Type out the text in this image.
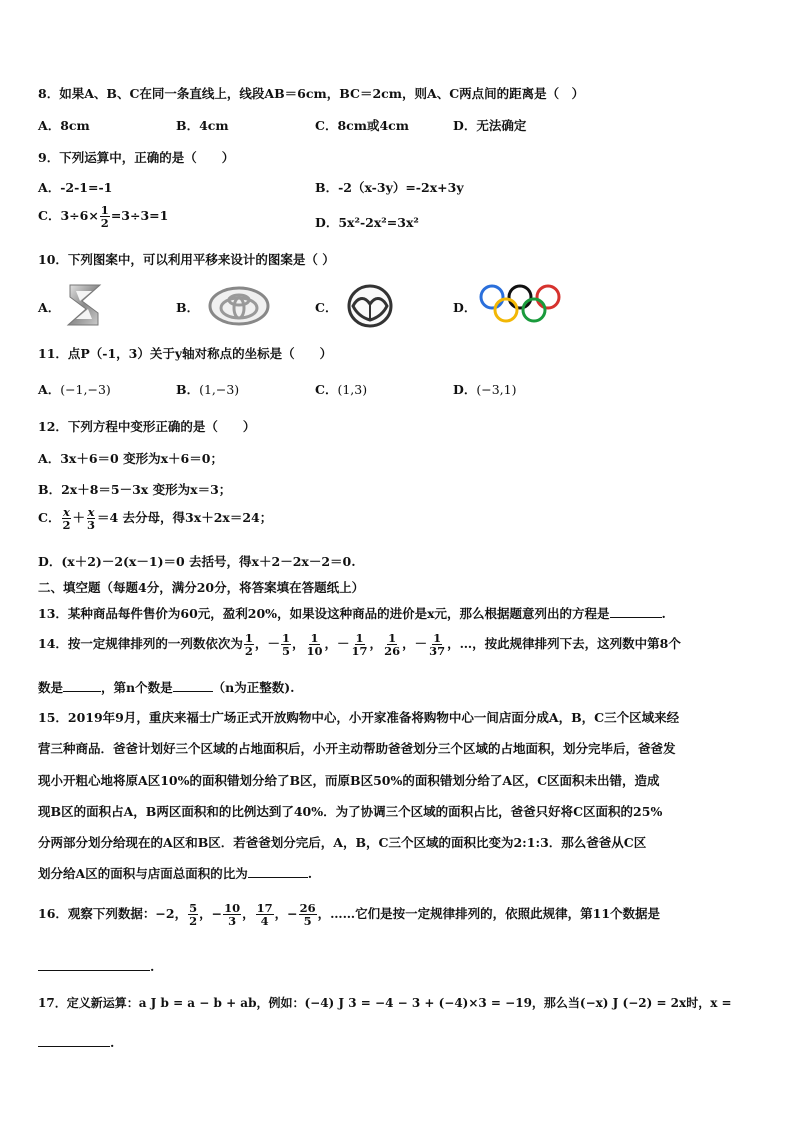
8．如果A、B、C在同一条直线上，线段AB＝6cm，BC＝2cm，则A、C两点间的距离是（　）
A．8cm	B．4cm	C．8cm或4cm	D．无法确定
9．下列运算中，正确的是（　　）
A．-2-1=-1	B．-2（x-3y）=-2x+3y
C．$3\div 6\times \frac{1}{2} =3\div 3=1$	D．5x²-2x²=3x²
10．下列图案中，可以利用平移来设计的图案是（ ）
A．	B．	C．	D．
11．点P（-1，3）关于y轴对称点的坐标是（　　）
A．(−1,−3)	B．(1,−3)	C．(1,3)	D．(−3,1)
12．下列方程中变形正确的是（　　）
A．3x＋6＝0 变形为x＋6＝0；
B．2x＋8＝5－3x 变形为x＝3；
C． $\frac{x}{2} + \frac{x}{3} =4$ 去分母，得3x＋2x＝24；
D．(x＋2)－2(x－1)＝0 去括号，得x＋2－2x－2＝0.
二、填空题（每题4分，满分20分，将答案填在答题纸上）
13．某种商品每件售价为60元，盈利20%，如果设这种商品的进价是x元，那么根据题意列出的方程是	.
14．按一定规律排列的一列数依次为 $\frac{1}{2}$ ，－ $\frac{1}{5}$ ， $\frac{1}{10}$ ，－ $\frac{1}{17}$ ， $\frac{1}{26}$ ，－ $\frac{1}{37}$ ，…，按此规律排列下去，这列数中第8个
数是	，第n个数是	（n为正整数).
15．2019年9月，重庆来福士广场正式开放购物中心，小开家准备将购物中心一间店面分成A，B，C三个区域来经
营三种商品．爸爸计划好三个区域的占地面积后，小开主动帮助爸爸划分三个区域的占地面积，划分完毕后，爸爸发
现小开粗心地将原A区10%的面积错划分给了B区，而原B区50%的面积错划分给了A区，C区面积未出错，造成
现B区的面积占A，B两区面积和的比例达到了40%．为了协调三个区域的面积占比，爸爸只好将C区面积的25%
分两部分划分给现在的A区和B区．若爸爸划分完后，A，B，C三个区域的面积比变为2:1:3．那么爸爸从C区
划分给A区的面积与店面总面积的比为	.
16．观察下列数据：−2， $\frac{5}{2}$ ，− $\frac{10}{3}$ ， $\frac{17}{4}$ ，− $\frac{26}{5}$ ，……它们是按一定规律排列的，依照此规律，第11个数据是
.
17．定义新运算：a J b = a − b + ab，例如：(−4) J 3 = −4 − 3 + (−4)×3 = −19，那么当(−x) J (−2) = 2x时，x =
.
